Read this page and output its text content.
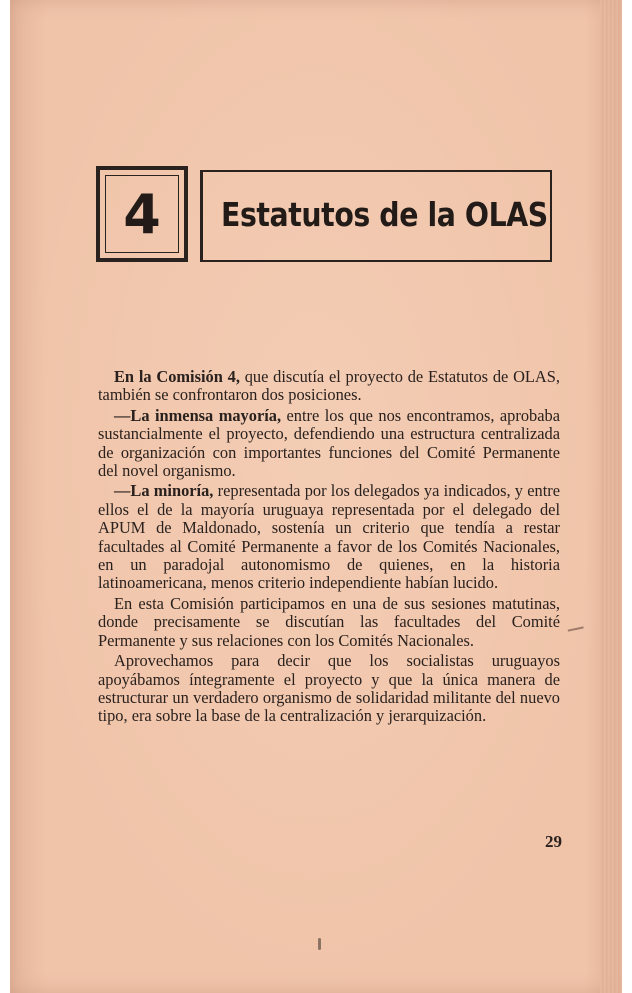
4	Estatutos de la OLAS

En la Comisión 4, que discutía el proyecto de Estatutos de OLAS, también se confrontaron dos posiciones.

—La inmensa mayoría, entre los que nos encontramos, aprobaba sustancialmente el proyecto, defendiendo una estructura centralizada de organización con importantes funciones del Comité Permanente del novel organismo.

—La minoría, representada por los delegados ya indicados, y entre ellos el de la mayoría uruguaya representada por el delegado del APUM de Maldonado, sostenía un criterio que tendía a restar facultades al Comité Permanente a favor de los Comités Nacionales, en un paradojal autonomismo de quienes, en la historia latinoamericana, menos criterio independiente habían lucido.

En esta Comisión participamos en una de sus sesiones matutinas, donde precisamente se discutían las facultades del Comité Permanente y sus relaciones con los Comités Nacionales.

Aprovechamos para decir que los socialistas uruguayos apoyábamos íntegramente el proyecto y que la única manera de estructurar un verdadero organismo de solidaridad militante del nuevo tipo, era sobre la base de la centralización y jerarquización.

29
